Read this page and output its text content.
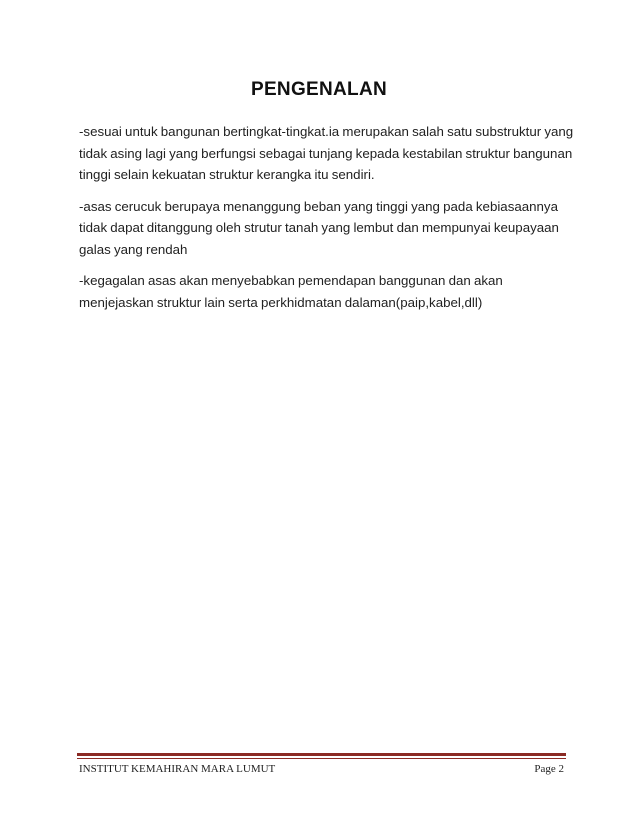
PENGENALAN

-sesuai untuk bangunan bertingkat-tingkat.ia merupakan salah satu substruktur yang tidak asing lagi yang berfungsi sebagai tunjang kepada kestabilan struktur bangunan tinggi selain kekuatan struktur kerangka itu sendiri.

-asas cerucuk berupaya menanggung beban yang tinggi yang pada kebiasaannya tidak dapat ditanggung oleh strutur tanah yang lembut dan mempunyai keupayaan galas yang rendah

-kegagalan asas akan menyebabkan pemendapan banggunan dan akan menjejaskan struktur lain serta perkhidmatan dalaman(paip,kabel,dll)

INSTITUT KEMAHIRAN MARA LUMUT	Page 2
